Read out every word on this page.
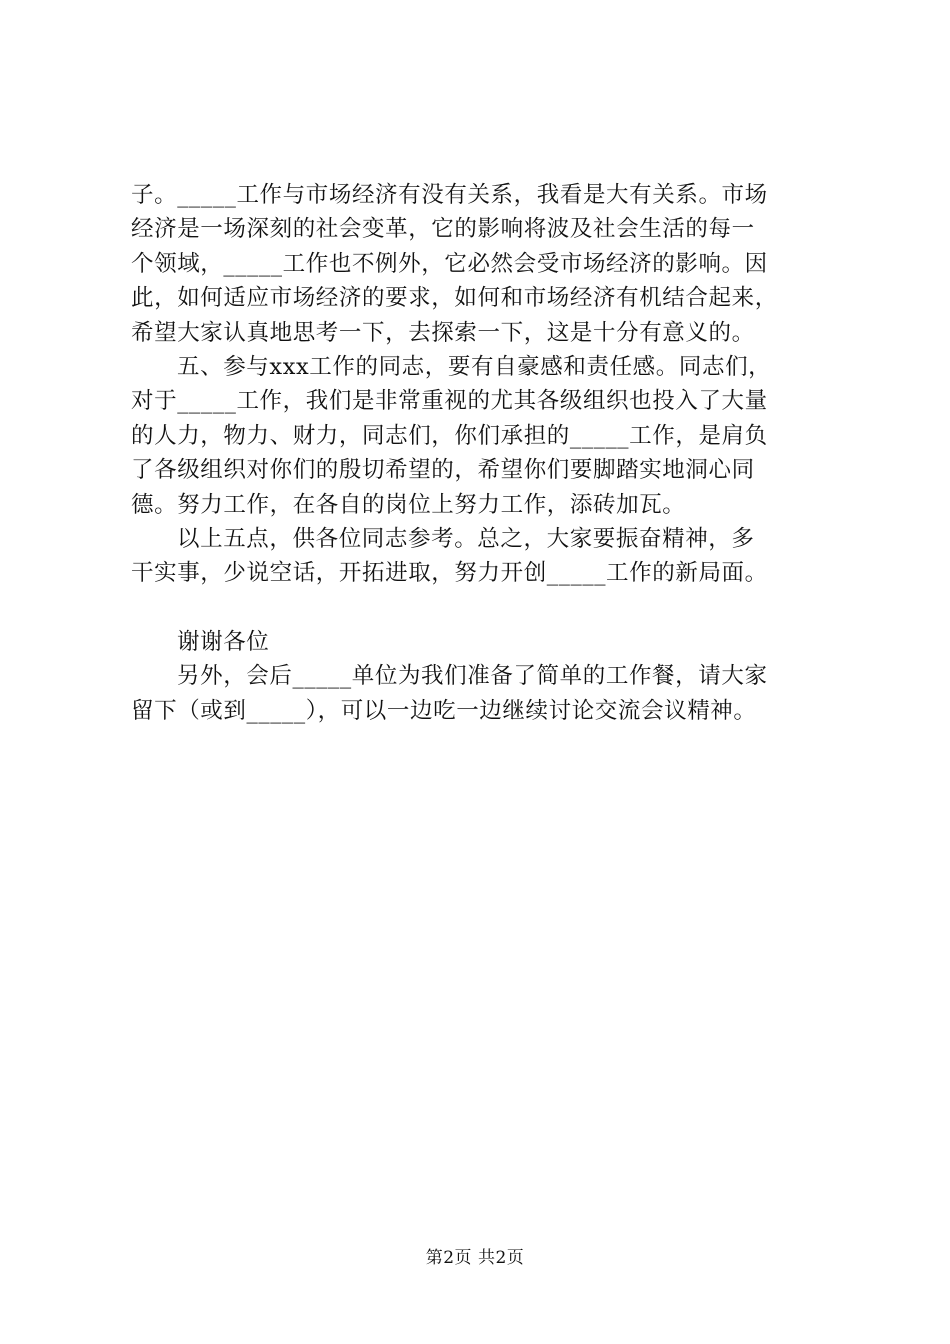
子。_____工作与市场经济有没有关系，我看是大有关系。市场
经济是一场深刻的社会变革，它的影响将波及社会生活的每一
个领域，_____工作也不例外，它必然会受市场经济的影响。因
此，如何适应市场经济的要求，如何和市场经济有机结合起来，
希望大家认真地思考一下，去探索一下，这是十分有意义的。
五、参与xxx工作的同志，要有自豪感和责任感。同志们，
对于_____工作，我们是非常重视的尤其各级组织也投入了大量
的人力，物力、财力，同志们，你们承担的_____工作，是肩负
了各级组织对你们的殷切希望的，希望你们要脚踏实地洞心同
德。努力工作，在各自的岗位上努力工作，添砖加瓦。
以上五点，供各位同志参考。总之，大家要振奋精神，多
干实事，少说空话，开拓进取，努力开创_____工作的新局面。
谢谢各位
另外，会后_____单位为我们准备了简单的工作餐，请大家
留下（或到_____），可以一边吃一边继续讨论交流会议精神。
第2页 共2页
